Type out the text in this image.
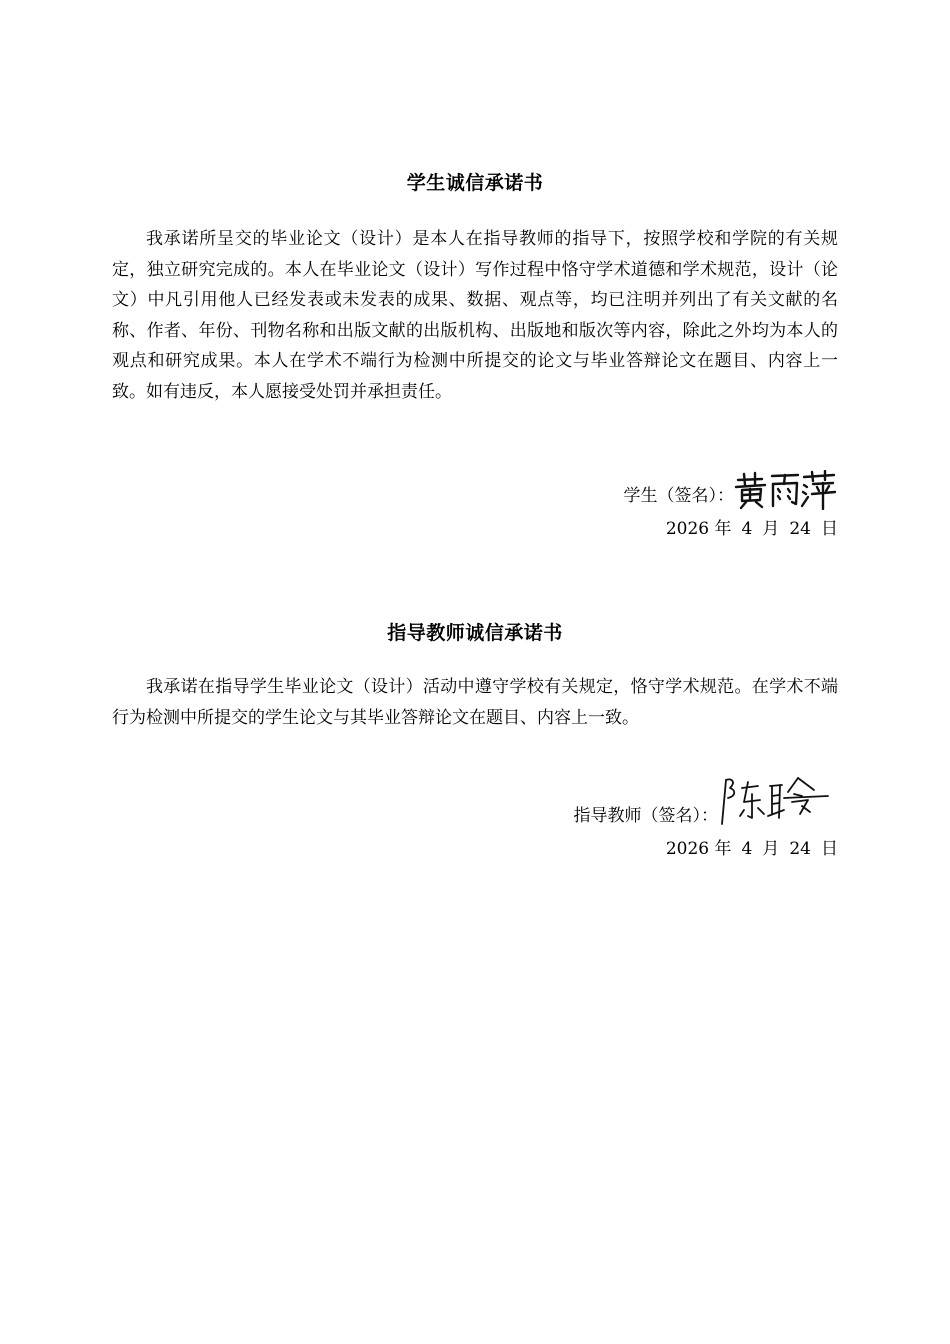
学生诚信承诺书

我承诺所呈交的毕业论文（设计）是本人在指导教师的指导下，按照学校和学院的有关规定，独立研究完成的。本人在毕业论文（设计）写作过程中恪守学术道德和学术规范，设计（论文）中凡引用他人已经发表或未发表的成果、数据、观点等，均已注明并列出了有关文献的名称、作者、年份、刊物名称和出版文献的出版机构、出版地和版次等内容，除此之外均为本人的观点和研究成果。本人在学术不端行为检测中所提交的论文与毕业答辩论文在题目、内容上一致。如有违反，本人愿接受处罚并承担责任。

学生（签名）：
2026 年 4 月 24 日
指导教师诚信承诺书

我承诺在指导学生毕业论文（设计）活动中遵守学校有关规定，恪守学术规范。在学术不端行为检测中所提交的学生论文与其毕业答辩论文在题目、内容上一致。

指导教师（签名）：
2026 年 4 月 24 日
